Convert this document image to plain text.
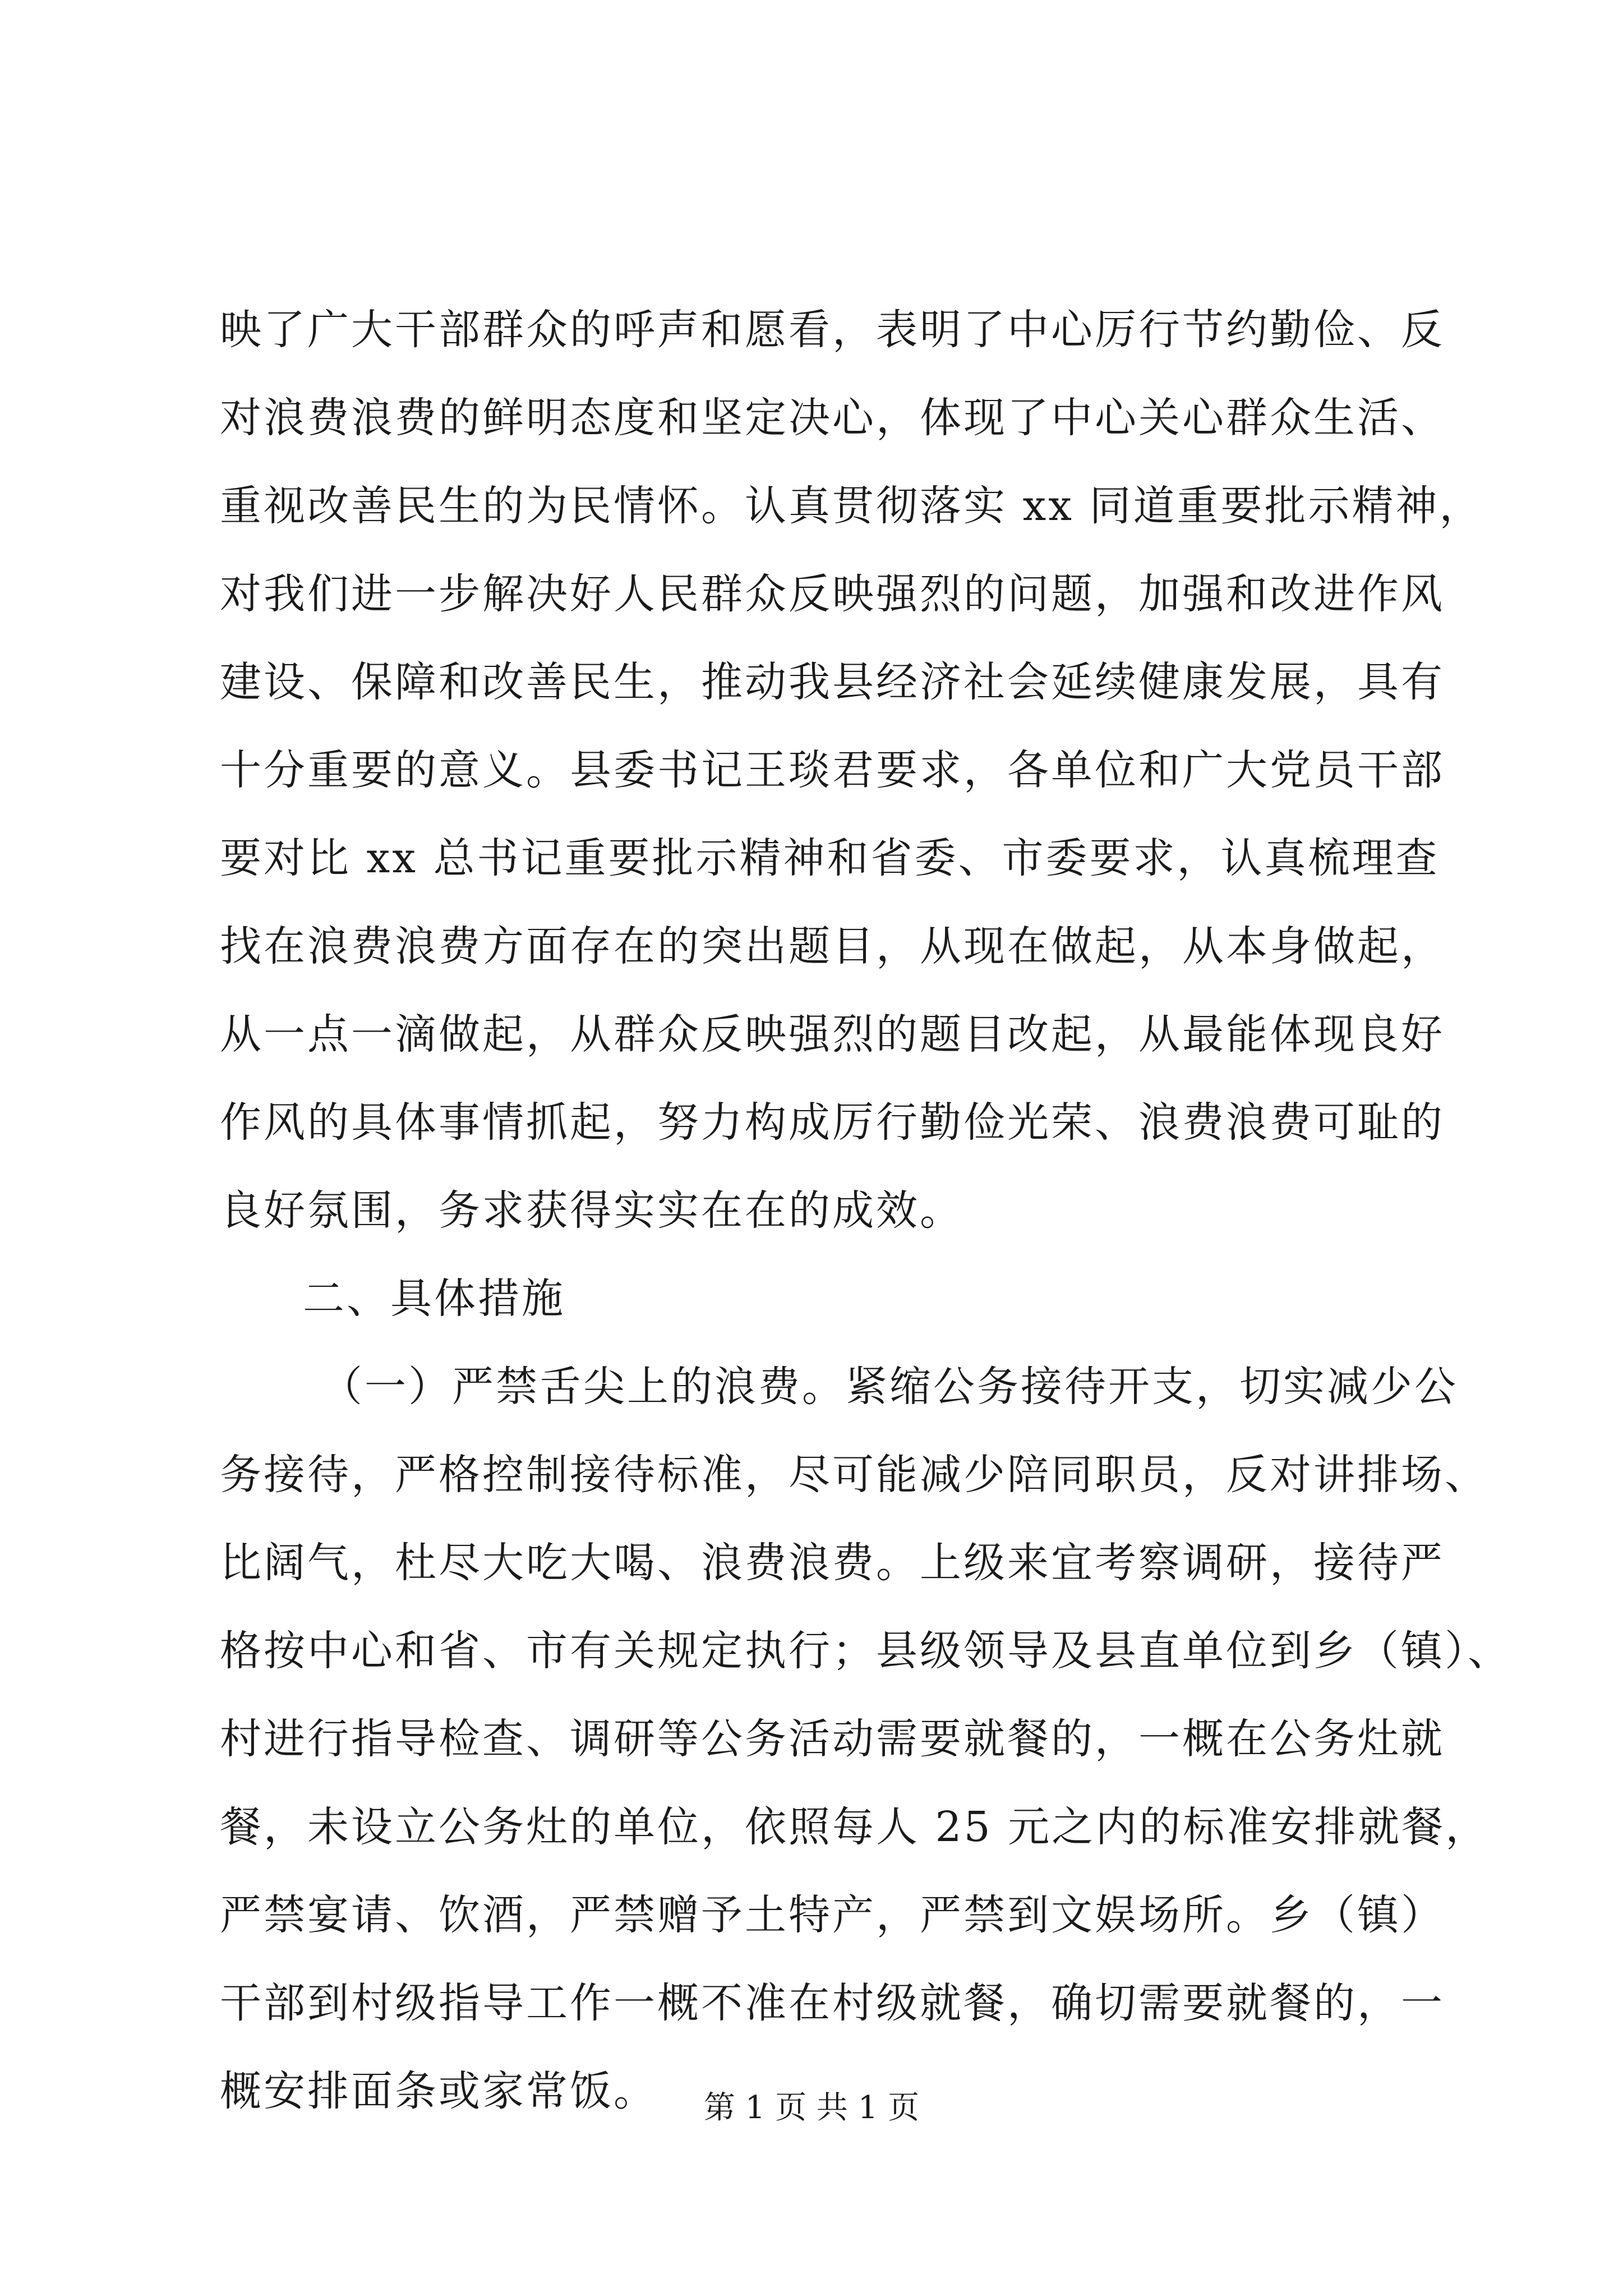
映了广大干部群众的呼声和愿看，表明了中心厉行节约勤俭、反
对浪费浪费的鲜明态度和坚定决心，体现了中心关心群众生活、
重视改善民生的为民情怀。认真贯彻落实 xx 同道重要批示精神，
对我们进一步解决好人民群众反映强烈的问题，加强和改进作风
建设、保障和改善民生，推动我县经济社会延续健康发展，具有
十分重要的意义。县委书记王琰君要求，各单位和广大党员干部
要对比 xx 总书记重要批示精神和省委、市委要求，认真梳理查
找在浪费浪费方面存在的突出题目，从现在做起，从本身做起，
从一点一滴做起，从群众反映强烈的题目改起，从最能体现良好
作风的具体事情抓起，努力构成厉行勤俭光荣、浪费浪费可耻的
良好氛围，务求获得实实在在的成效。
二、具体措施
（一）严禁舌尖上的浪费。紧缩公务接待开支，切实减少公
务接待，严格控制接待标准，尽可能减少陪同职员，反对讲排场、
比阔气，杜尽大吃大喝、浪费浪费。上级来宜考察调研，接待严
格按中心和省、市有关规定执行；县级领导及县直单位到乡（镇）、
村进行指导检查、调研等公务活动需要就餐的，一概在公务灶就
餐，未设立公务灶的单位，依照每人 25 元之内的标准安排就餐，
严禁宴请、饮酒，严禁赠予土特产，严禁到文娱场所。乡（镇）
干部到村级指导工作一概不准在村级就餐，确切需要就餐的，一
概安排面条或家常饭。	第 1 页 共 1 页
